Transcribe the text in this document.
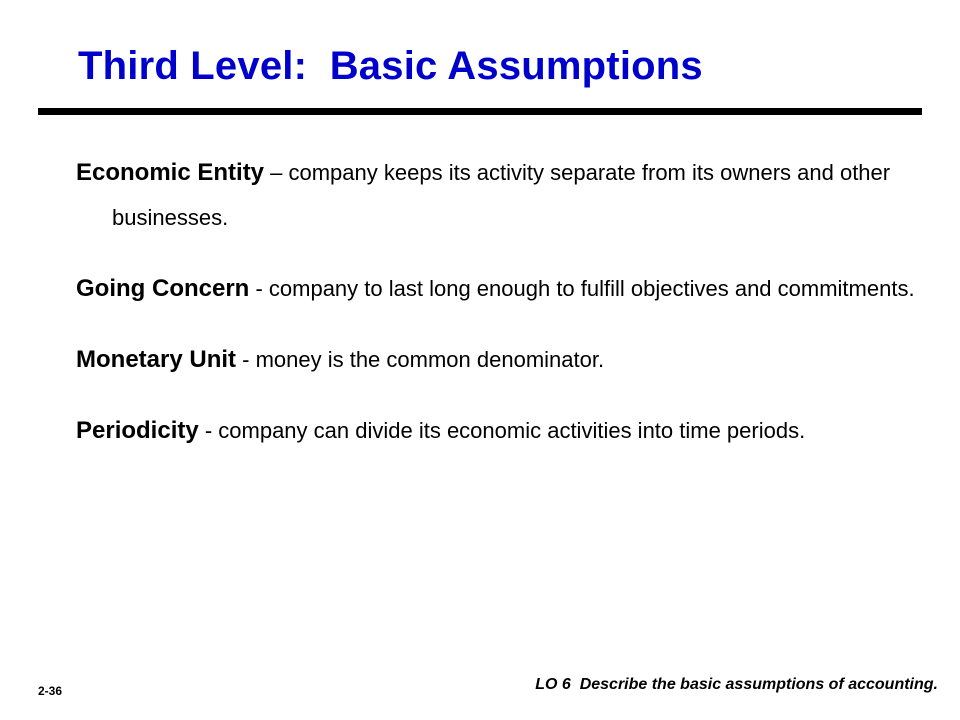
Third Level:  Basic Assumptions

Economic Entity – company keeps its activity separate from its owners and other businesses.

Going Concern - company to last long enough to fulfill objectives and commitments.

Monetary Unit - money is the common denominator.

Periodicity - company can divide its economic activities into time periods.

2-36	LO 6  Describe the basic assumptions of accounting.
